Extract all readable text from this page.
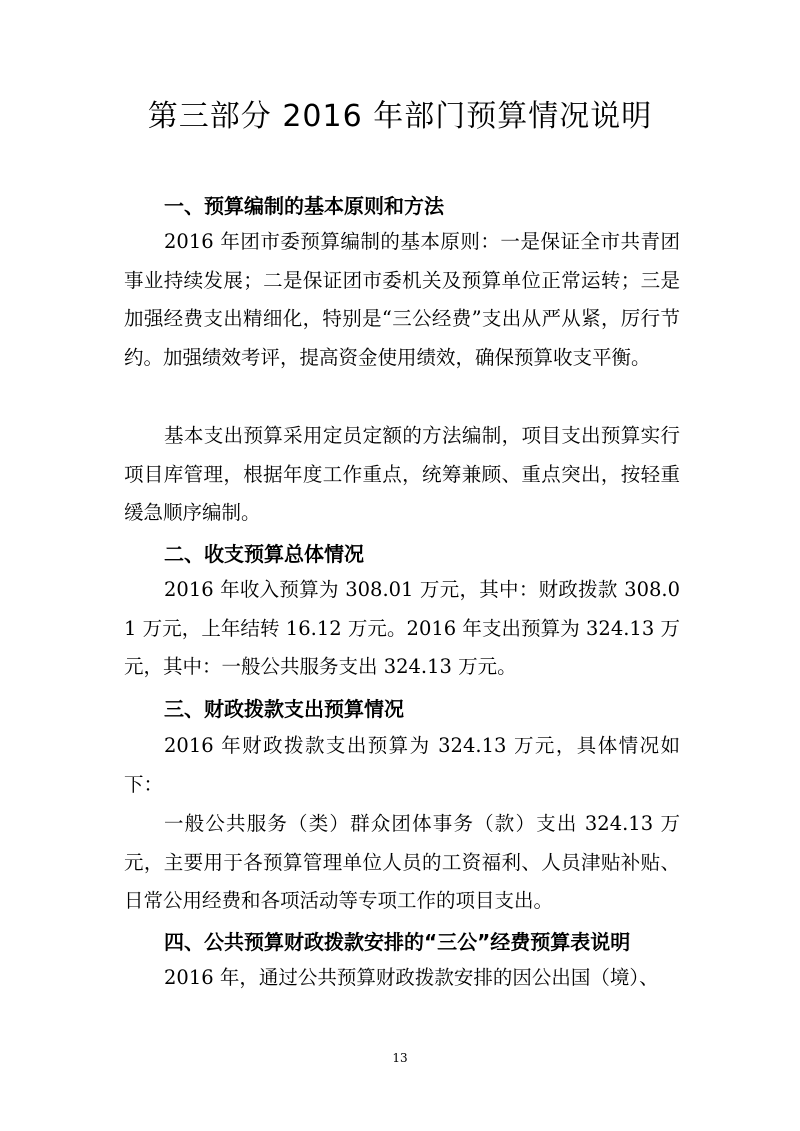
第三部分 2016 年部门预算情况说明
一、预算编制的基本原则和方法

2016 年团市委预算编制的基本原则：一是保证全市共青团事业持续发展；二是保证团市委机关及预算单位正常运转；三是加强经费支出精细化，特别是“三公经费”支出从严从紧，厉行节约。加强绩效考评，提高资金使用绩效，确保预算收支平衡。

基本支出预算采用定员定额的方法编制，项目支出预算实行项目库管理，根据年度工作重点，统筹兼顾、重点突出，按轻重缓急顺序编制。

二、收支预算总体情况

2016 年收入预算为 308.01 万元，其中：财政拨款 308.01 万元，上年结转 16.12 万元。2016 年支出预算为 324.13 万元，其中：一般公共服务支出 324.13 万元。

三、财政拨款支出预算情况

2016 年财政拨款支出预算为 324.13 万元，具体情况如下：

一般公共服务（类）群众团体事务（款）支出 324.13 万元，主要用于各预算管理单位人员的工资福利、人员津贴补贴、日常公用经费和各项活动等专项工作的项目支出。

四、公共预算财政拨款安排的“三公”经费预算表说明

2016 年，通过公共预算财政拨款安排的因公出国（境）、

13
